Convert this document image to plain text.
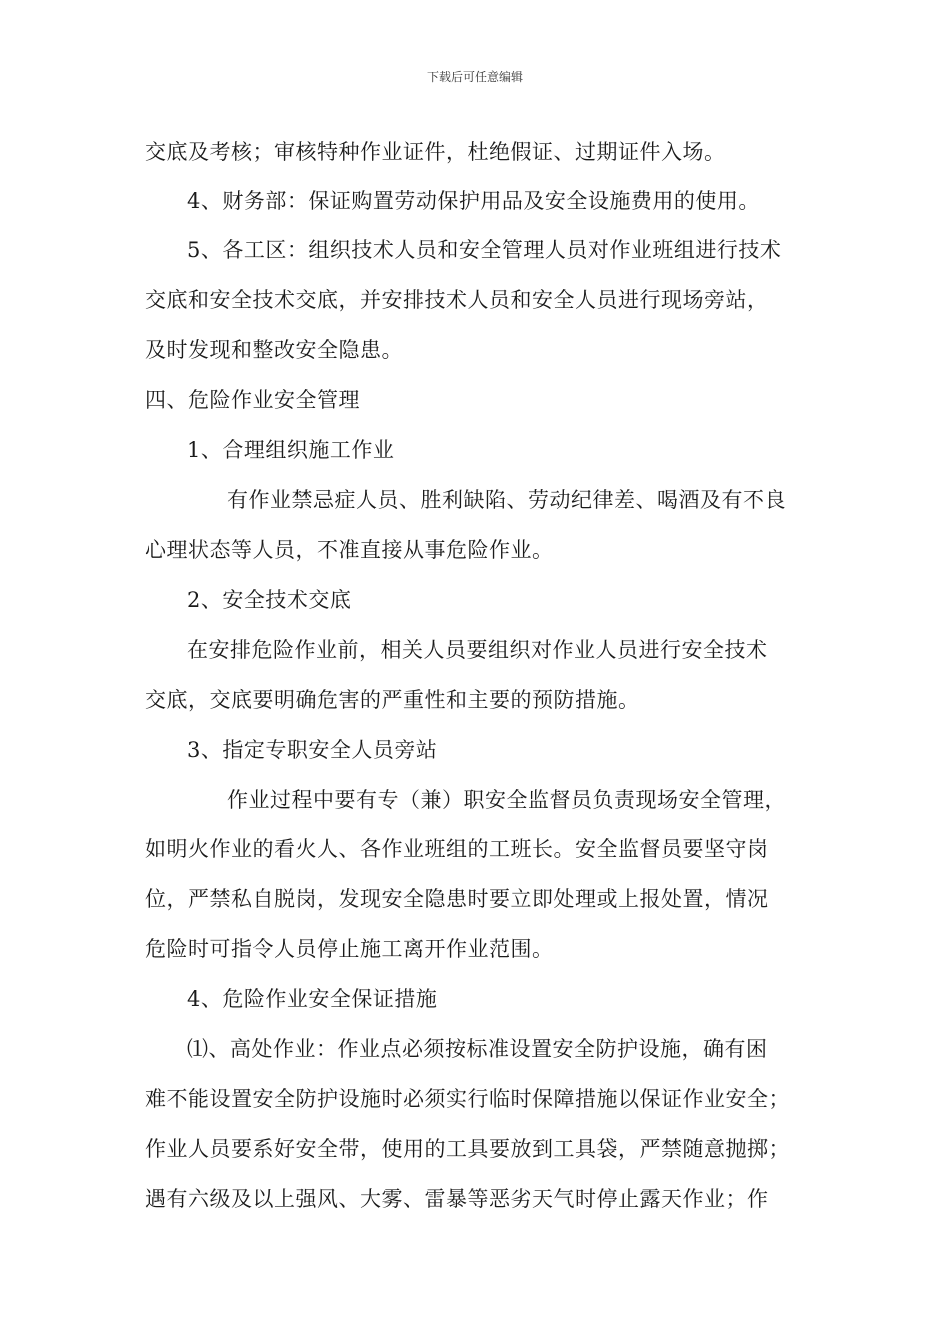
下载后可任意编辑
交底及考核；审核特种作业证件，杜绝假证、过期证件入场。
4、财务部：保证购置劳动保护用品及安全设施费用的使用。
5、各工区：组织技术人员和安全管理人员对作业班组进行技术
交底和安全技术交底，并安排技术人员和安全人员进行现场旁站，
及时发现和整改安全隐患。
四、危险作业安全管理
1、合理组织施工作业
有作业禁忌症人员、胜利缺陷、劳动纪律差、喝酒及有不良
心理状态等人员，不准直接从事危险作业。
2、安全技术交底
在安排危险作业前，相关人员要组织对作业人员进行安全技术
交底，交底要明确危害的严重性和主要的预防措施。
3、指定专职安全人员旁站
作业过程中要有专（兼）职安全监督员负责现场安全管理，
如明火作业的看火人、各作业班组的工班长。安全监督员要坚守岗
位，严禁私自脱岗，发现安全隐患时要立即处理或上报处置，情况
危险时可指令人员停止施工离开作业范围。
4、危险作业安全保证措施
⑴、高处作业：作业点必须按标准设置安全防护设施，确有困
难不能设置安全防护设施时必须实行临时保障措施以保证作业安全；
作业人员要系好安全带，使用的工具要放到工具袋，严禁随意抛掷；
遇有六级及以上强风、大雾、雷暴等恶劣天气时停止露天作业；作
